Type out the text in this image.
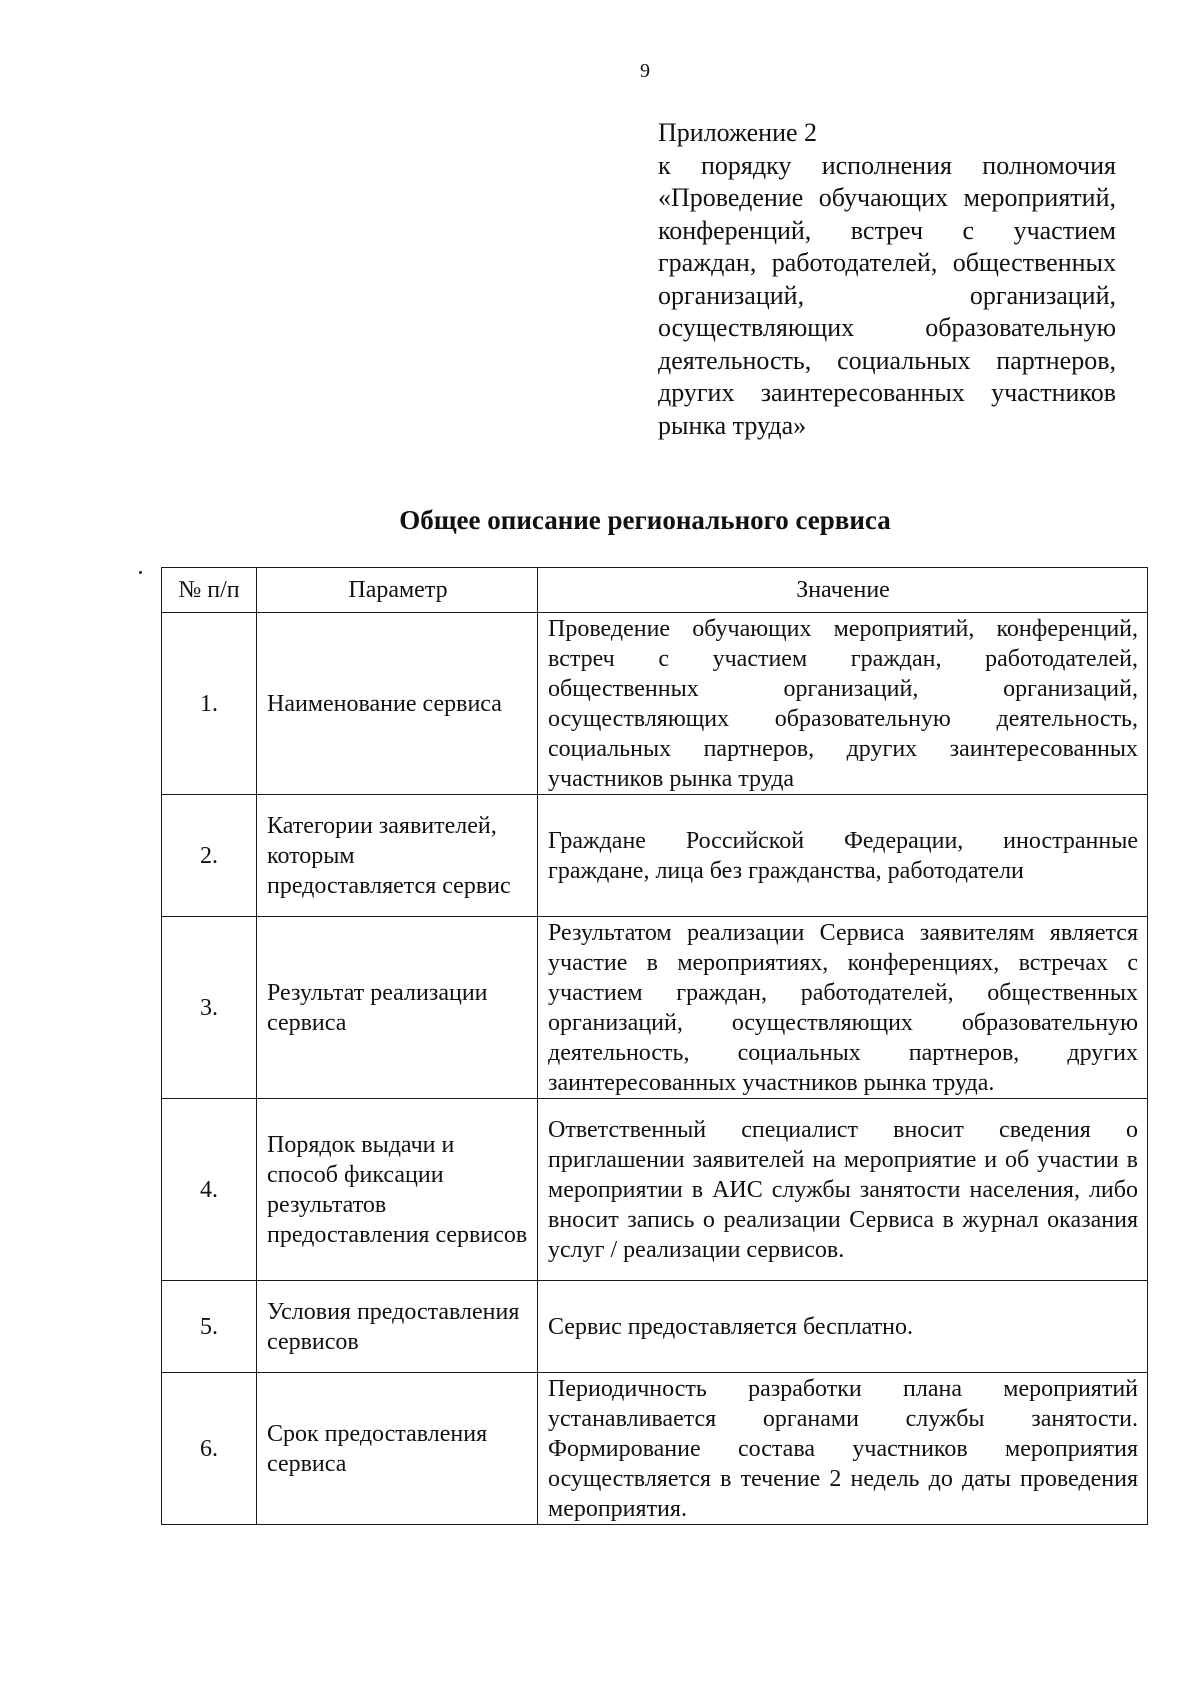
9

Приложение 2

к порядку исполнения полномочия «Проведение обучающих мероприятий, конференций, встреч с участием граждан, работодателей, общественных организаций, организаций, осуществляющих образовательную деятельность, социальных партнеров, других заинтересованных участников рынка труда»

Общее описание регионального сервиса
№ п/п	Параметр	Значение
1.	Наименование сервиса	Проведение обучающих мероприятий, конференций, встреч с участием граждан, работодателей, общественных организаций, организаций, осуществляющих образовательную деятельность, социальных партнеров, других заинтересованных участников рынка труда
2.	Категории заявителей, которым предоставляется сервис	Граждане Российской Федерации, иностранные граждане, лица без гражданства, работодатели
3.	Результат реализации сервиса	Результатом реализации Сервиса заявителям является участие в мероприятиях, конференциях, встречах с участием граждан, работодателей, общественных организаций, осуществляющих образовательную деятельность, социальных партнеров, других заинтересованных участников рынка труда.
4.	Порядок выдачи и способ фиксации результатов предоставления сервисов	Ответственный специалист вносит сведения о приглашении заявителей на мероприятие и об участии в мероприятии в АИС службы занятости населения, либо вносит запись о реализации Сервиса в журнал оказания услуг / реализации сервисов.
5.	Условия предоставления сервисов	Сервис предоставляется бесплатно.
6.	Срок предоставления сервиса	Периодичность разработки плана мероприятий устанавливается органами службы занятости. Формирование состава участников мероприятия осуществляется в течение 2 недель до даты проведения мероприятия.
